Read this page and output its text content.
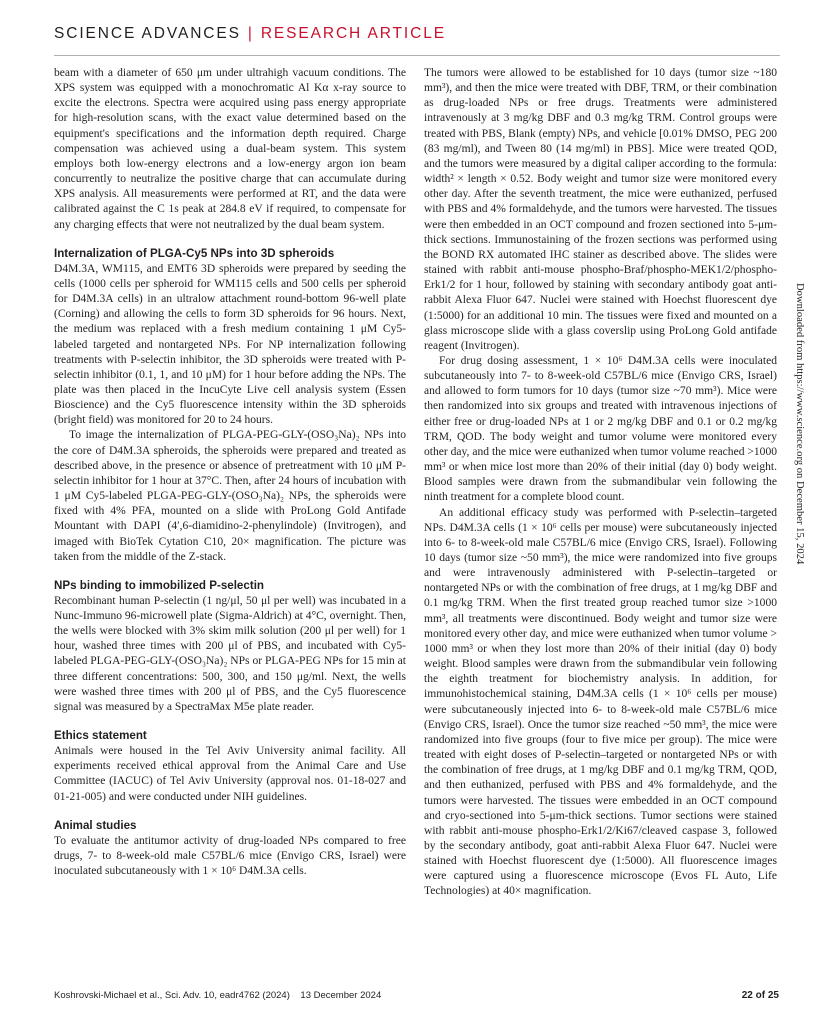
SCIENCE ADVANCES | RESEARCH ARTICLE

beam with a diameter of 650 μm under ultrahigh vacuum conditions. The XPS system was equipped with a monochromatic Al Kα x-ray source to excite the electrons. Spectra were acquired using pass energy appropriate for high-resolution scans, with the exact value determined based on the equipment's specifications and the information depth required. Charge compensation was achieved using a dual-beam system. This system employs both low-energy electrons and a low-energy argon ion beam concurrently to neutralize the positive charge that can accumulate during XPS analysis. All measurements were performed at RT, and the data were calibrated against the C 1s peak at 284.8 eV if required, to compensate for any charging effects that were not neutralized by the dual beam system.

Internalization of PLGA-Cy5 NPs into 3D spheroids

D4M.3A, WM115, and EMT6 3D spheroids were prepared by seeding the cells (1000 cells per spheroid for WM115 cells and 500 cells per spheroid for D4M.3A cells) in an ultralow attachment round-bottom 96-well plate (Corning) and allowing the cells to form 3D spheroids for 96 hours. Next, the medium was replaced with a fresh medium containing 1 μM Cy5-labeled targeted and nontargeted NPs. For NP internalization following treatments with P-selectin inhibitor, the 3D spheroids were treated with P-selectin inhibitor (0.1, 1, and 10 μM) for 1 hour before adding the NPs. The plate was then placed in the IncuCyte Live cell analysis system (Essen Bioscience) and the Cy5 fluorescence intensity within the 3D spheroids (bright field) was monitored for 20 to 24 hours.

To image the internalization of PLGA-PEG-GLY-(OSO₃Na)₂ NPs into the core of D4M.3A spheroids, the spheroids were prepared and treated as described above, in the presence or absence of pretreatment with 10 μM P-selectin inhibitor for 1 hour at 37°C. Then, after 24 hours of incubation with 1 μM Cy5-labeled PLGA-PEG-GLY-(OSO₃Na)₂ NPs, the spheroids were fixed with 4% PFA, mounted on a slide with ProLong Gold Antifade Mountant with DAPI (4′,6-diamidino-2-phenylindole) (Invitrogen), and imaged with BioTek Cytation C10, 20× magnification. The picture was taken from the middle of the Z-stack.

NPs binding to immobilized P-selectin

Recombinant human P-selectin (1 ng/μl, 50 μl per well) was incubated in a Nunc-Immuno 96-microwell plate (Sigma-Aldrich) at 4°C, overnight. Then, the wells were blocked with 3% skim milk solution (200 μl per well) for 1 hour, washed three times with 200 μl of PBS, and incubated with Cy5-labeled PLGA-PEG-GLY-(OSO₃Na)₂ NPs or PLGA-PEG NPs for 15 min at three different concentrations: 500, 300, and 150 μg/ml. Next, the wells were washed three times with 200 μl of PBS, and the Cy5 fluorescence signal was measured by a SpectraMax M5e plate reader.

Ethics statement

Animals were housed in the Tel Aviv University animal facility. All experiments received ethical approval from the Animal Care and Use Committee (IACUC) of Tel Aviv University (approval nos. 01-18-027 and 01-21-005) and were conducted under NIH guidelines.

Animal studies

To evaluate the antitumor activity of drug-loaded NPs compared to free drugs, 7- to 8-week-old male C57BL/6 mice (Envigo CRS, Israel) were inoculated subcutaneously with 1 × 10⁶ D4M.3A cells.

The tumors were allowed to be established for 10 days (tumor size ~180 mm³), and then the mice were treated with DBF, TRM, or their combination as drug-loaded NPs or free drugs. Treatments were administered intravenously at 3 mg/kg DBF and 0.3 mg/kg TRM. Control groups were treated with PBS, Blank (empty) NPs, and vehicle [0.01% DMSO, PEG 200 (83 mg/ml), and Tween 80 (14 mg/ml) in PBS]. Mice were treated QOD, and the tumors were measured by a digital caliper according to the formula: width² × length × 0.52. Body weight and tumor size were monitored every other day. After the seventh treatment, the mice were euthanized, perfused with PBS and 4% formaldehyde, and the tumors were harvested. The tissues were then embedded in an OCT compound and frozen sectioned into 5-μm-thick sections. Immunostaining of the frozen sections was performed using the BOND RX automated IHC stainer as described above. The slides were stained with rabbit anti-mouse phospho-Braf/phospho-MEK1/2/phospho-Erk1/2 for 1 hour, followed by staining with secondary antibody goat anti-rabbit Alexa Fluor 647. Nuclei were stained with Hoechst fluorescent dye (1:5000) for an additional 10 min. The tissues were fixed and mounted on a glass microscope slide with a glass coverslip using ProLong Gold antifade reagent (Invitrogen).

For drug dosing assessment, 1 × 10⁶ D4M.3A cells were inoculated subcutaneously into 7- to 8-week-old C57BL/6 mice (Envigo CRS, Israel) and allowed to form tumors for 10 days (tumor size ~70 mm³). Mice were then randomized into six groups and treated with intravenous injections of either free or drug-loaded NPs at 1 or 2 mg/kg DBF and 0.1 or 0.2 mg/kg TRM, QOD. The body weight and tumor volume were monitored every other day, and the mice were euthanized when tumor volume reached >1000 mm³ or when mice lost more than 20% of their initial (day 0) body weight. Blood samples were drawn from the submandibular vein following the ninth treatment for a complete blood count.

An additional efficacy study was performed with P-selectin–targeted NPs. D4M.3A cells (1 × 10⁶ cells per mouse) were subcutaneously injected into 6- to 8-week-old male C57BL/6 mice (Envigo CRS, Israel). Following 10 days (tumor size ~50 mm³), the mice were randomized into five groups and were intravenously administered with P-selectin–targeted or nontargeted NPs or with the combination of free drugs, at 1 mg/kg DBF and 0.1 mg/kg TRM. When the first treated group reached tumor size >1000 mm³, all treatments were discontinued. Body weight and tumor size were monitored every other day, and mice were euthanized when tumor volume > 1000 mm³ or when they lost more than 20% of their initial (day 0) body weight. Blood samples were drawn from the submandibular vein following the eighth treatment for biochemistry analysis. In addition, for immunohistochemical staining, D4M.3A cells (1 × 10⁶ cells per mouse) were subcutaneously injected into 6- to 8-week-old male C57BL/6 mice (Envigo CRS, Israel). Once the tumor size reached ~50 mm³, the mice were randomized into five groups (four to five mice per group). The mice were treated with eight doses of P-selectin–targeted or nontargeted NPs or with the combination of free drugs, at 1 mg/kg DBF and 0.1 mg/kg TRM, QOD, and then euthanized, perfused with PBS and 4% formaldehyde, and the tumors were harvested. The tissues were embedded in an OCT compound and cryo-sectioned into 5-μm-thick sections. Tumor sections were stained with rabbit anti-mouse phospho-Erk1/2/Ki67/cleaved caspase 3, followed by the secondary antibody, goat anti-rabbit Alexa Fluor 647. Nuclei were stained with Hoechst fluorescent dye (1:5000). All fluorescence images were captured using a fluorescence microscope (Evos FL Auto, Life Technologies) at 40× magnification.

Downloaded from https://www.science.org on December 15, 2024
Koshrovski-Michael et al., Sci. Adv. 10, eadr4762 (2024)    13 December 2024	22 of 25
